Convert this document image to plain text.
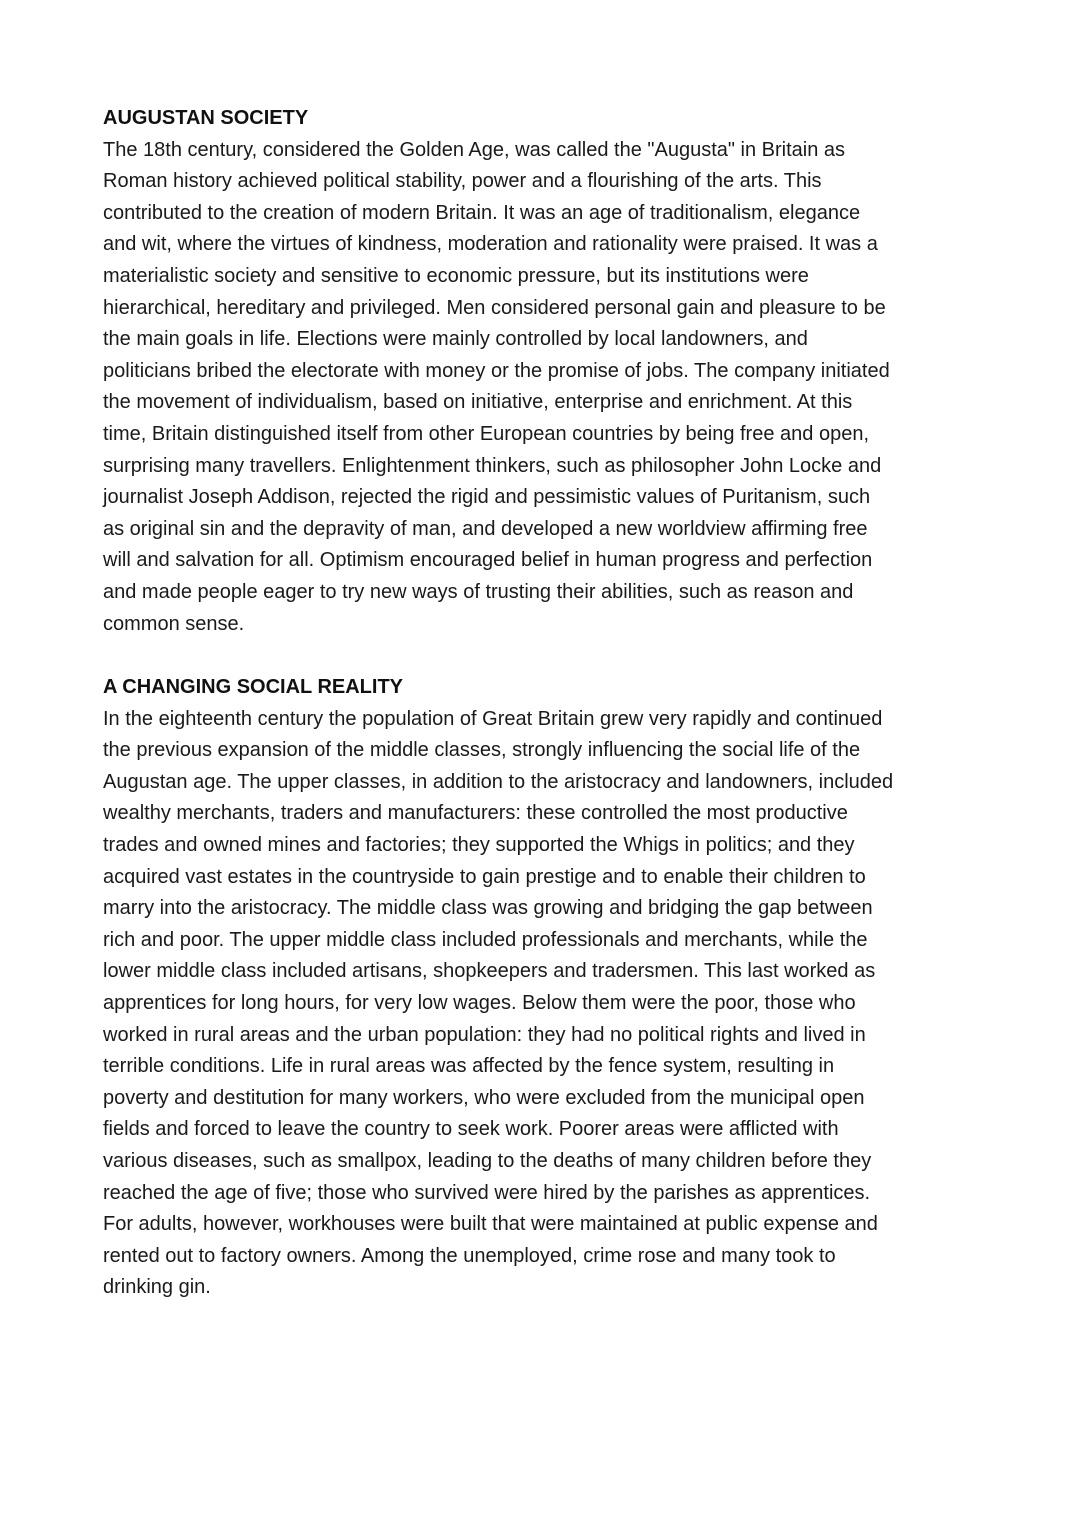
AUGUSTAN SOCIETY
The 18th century, considered the Golden Age, was called the "Augusta" in Britain as
Roman history achieved political stability, power and a flourishing of the arts. This
contributed to the creation of modern Britain. It was an age of traditionalism, elegance
and wit, where the virtues of kindness, moderation and rationality were praised. It was a
materialistic society and sensitive to economic pressure, but its institutions were
hierarchical, hereditary and privileged. Men considered personal gain and pleasure to be
the main goals in life. Elections were mainly controlled by local landowners, and
politicians bribed the electorate with money or the promise of jobs. The company initiated
the movement of individualism, based on initiative, enterprise and enrichment. At this
time, Britain distinguished itself from other European countries by being free and open,
surprising many travellers. Enlightenment thinkers, such as philosopher John Locke and
journalist Joseph Addison, rejected the rigid and pessimistic values of Puritanism, such
as original sin and the depravity of man, and developed a new worldview affirming free
will and salvation for all. Optimism encouraged belief in human progress and perfection
and made people eager to try new ways of trusting their abilities, such as reason and
common sense.
A CHANGING SOCIAL REALITY
In the eighteenth century the population of Great Britain grew very rapidly and continued
the previous expansion of the middle classes, strongly influencing the social life of the
Augustan age. The upper classes, in addition to the aristocracy and landowners, included
wealthy merchants, traders and manufacturers: these controlled the most productive
trades and owned mines and factories; they supported the Whigs in politics; and they
acquired vast estates in the countryside to gain prestige and to enable their children to
marry into the aristocracy. The middle class was growing and bridging the gap between
rich and poor. The upper middle class included professionals and merchants, while the
lower middle class included artisans, shopkeepers and tradersmen. This last worked as
apprentices for long hours, for very low wages. Below them were the poor, those who
worked in rural areas and the urban population: they had no political rights and lived in
terrible conditions. Life in rural areas was affected by the fence system, resulting in
poverty and destitution for many workers, who were excluded from the municipal open
fields and forced to leave the country to seek work. Poorer areas were afflicted with
various diseases, such as smallpox, leading to the deaths of many children before they
reached the age of five; those who survived were hired by the parishes as apprentices.
For adults, however, workhouses were built that were maintained at public expense and
rented out to factory owners. Among the unemployed, crime rose and many took to
drinking gin.
